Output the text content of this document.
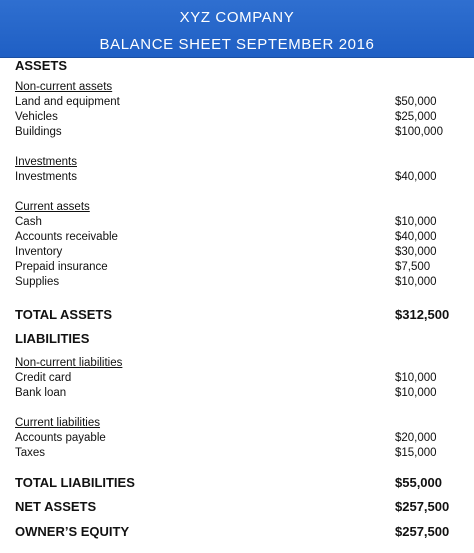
XYZ COMPANY
BALANCE SHEET SEPTEMBER 2016
ASSETS
Non-current assets
Land and equipment	$50,000
Vehicles	$25,000
Buildings	$100,000
Investments
Investments	$40,000
Current assets
Cash	$10,000
Accounts receivable	$40,000
Inventory	$30,000
Prepaid insurance	$7,500
Supplies	$10,000
TOTAL ASSETS	$312,500
LIABILITIES
Non-current liabilities
Credit card	$10,000
Bank loan	$10,000
Current liabilities
Accounts payable	$20,000
Taxes	$15,000
TOTAL LIABILITIES	$55,000
NET ASSETS	$257,500
OWNER’S EQUITY	$257,500
